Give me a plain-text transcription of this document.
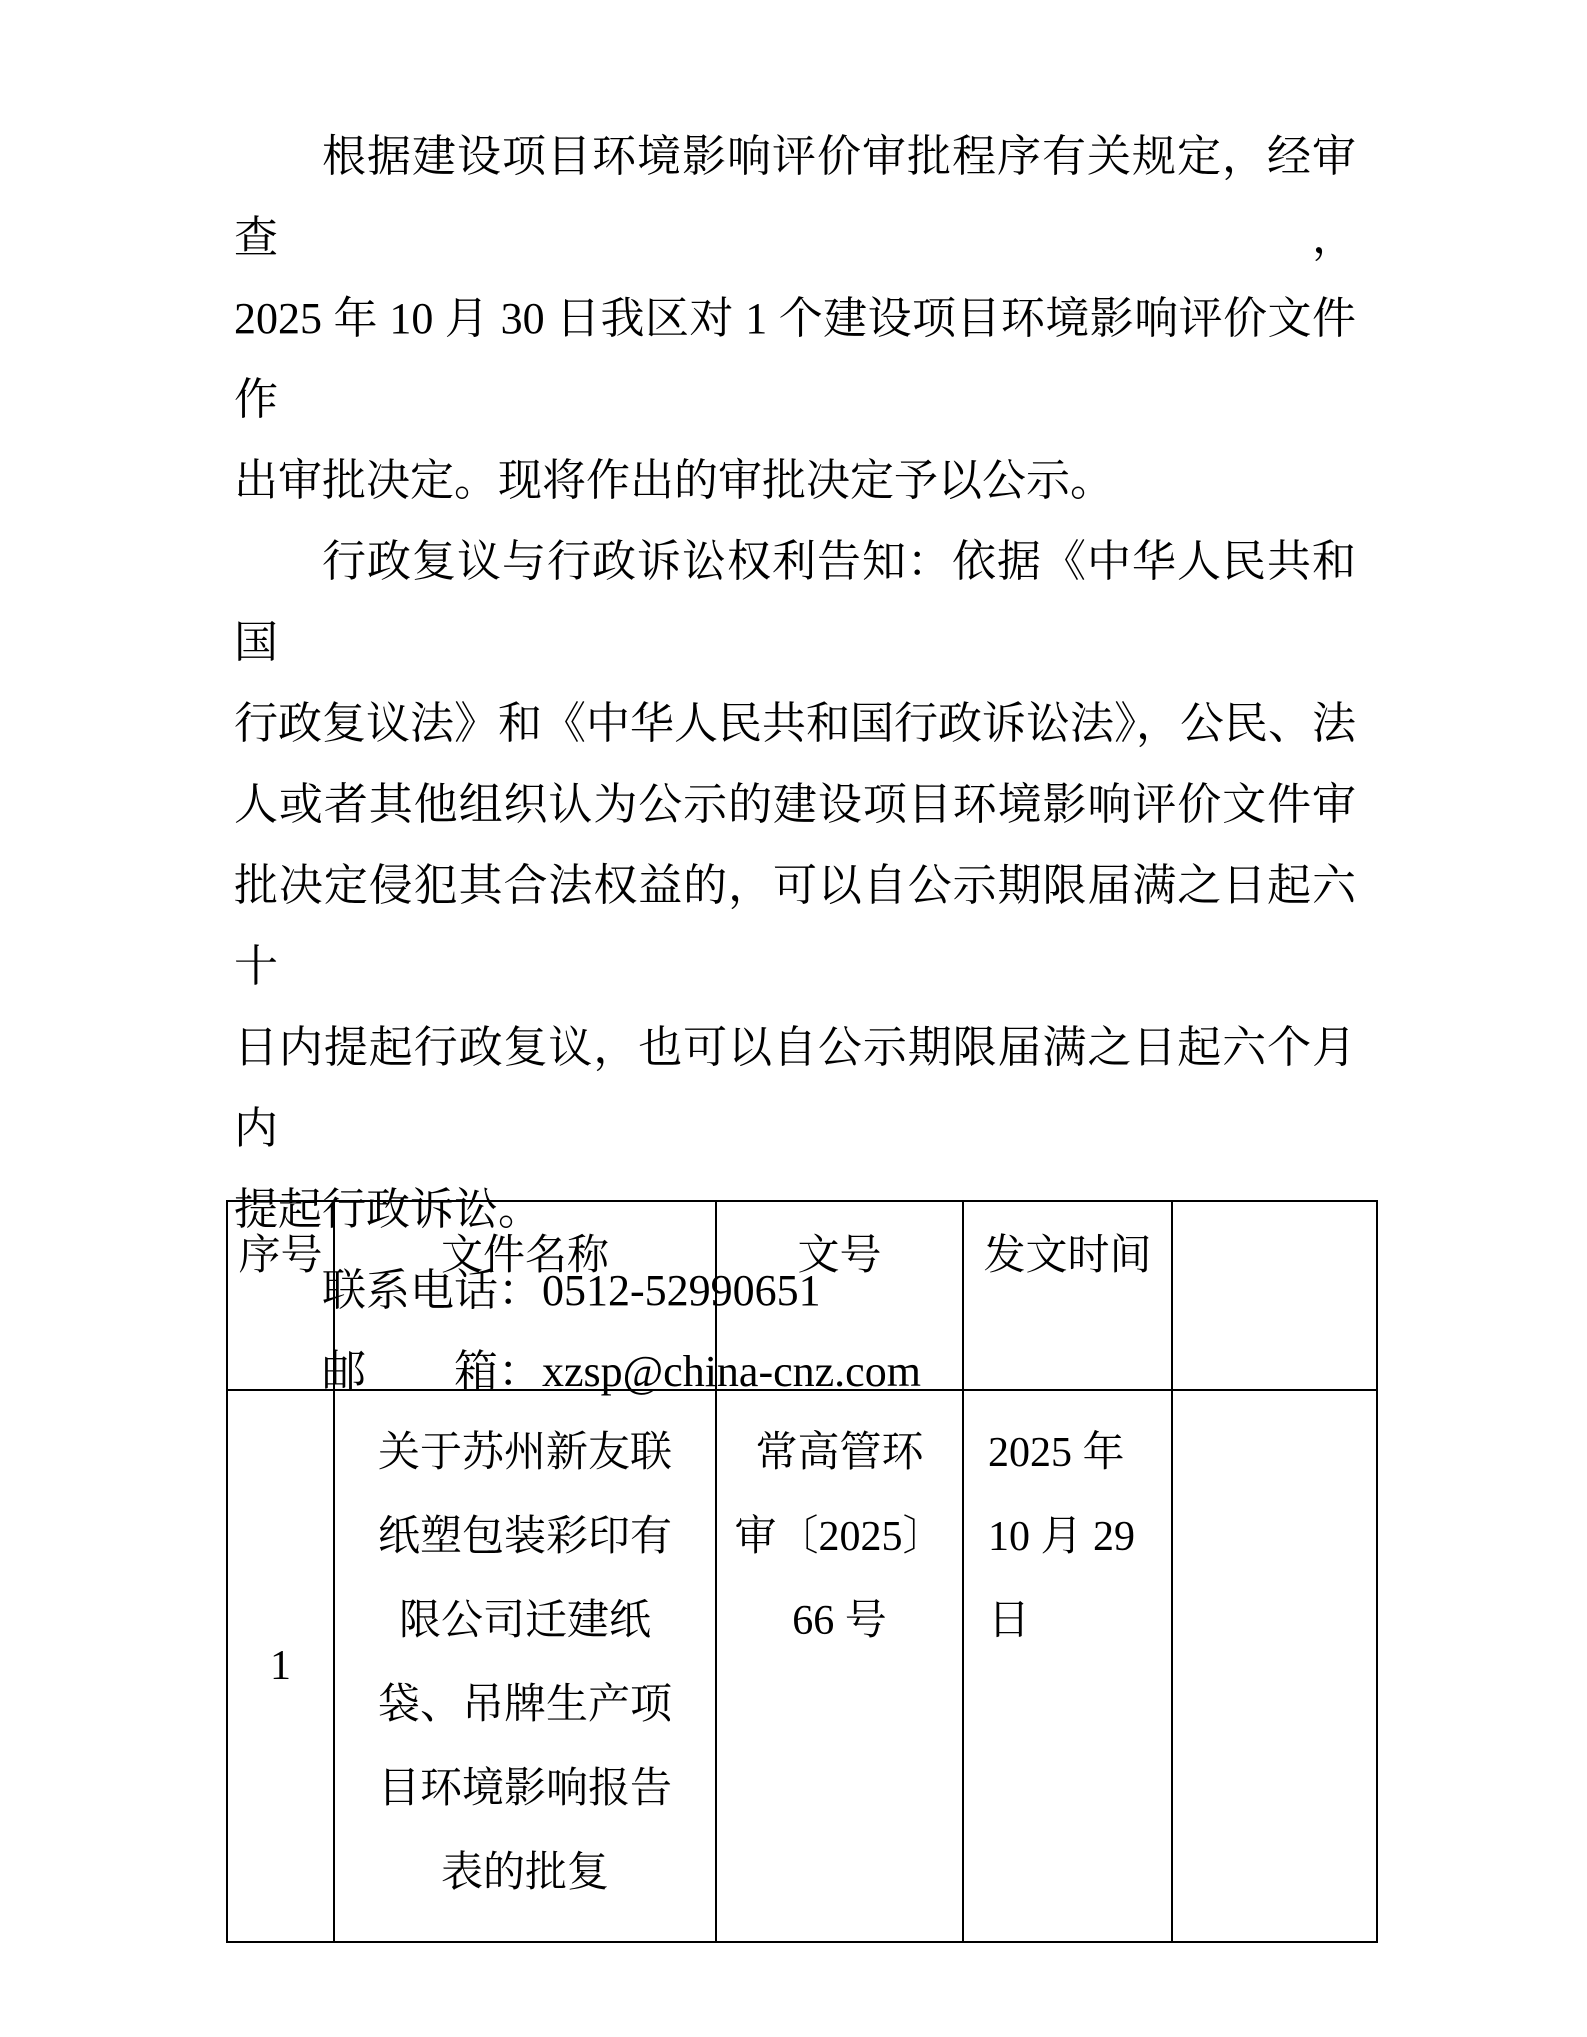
根据建设项目环境影响评价审批程序有关规定，经审查，
2025 年 10 月 30 日我区对 1 个建设项目环境影响评价文件作
出审批决定。现将作出的审批决定予以公示。
行政复议与行政诉讼权利告知：依据《中华人民共和国
行政复议法》和《中华人民共和国行政诉讼法》，公民、法
人或者其他组织认为公示的建设项目环境影响评价文件审
批决定侵犯其合法权益的，可以自公示期限届满之日起六十
日内提起行政复议，也可以自公示期限届满之日起六个月内
提起行政诉讼。
联系电话：0512-52990651
邮　　箱：xzsp@china-cnz.com
序号	文件名称	文号	发文时间	
1	
关于苏州新友联
纸塑包装彩印有
限公司迁建纸
袋、吊牌生产项
目环境影响报告
表的批复

常高管环
审〔2025〕
66 号

2025 年
10 月 29
日
